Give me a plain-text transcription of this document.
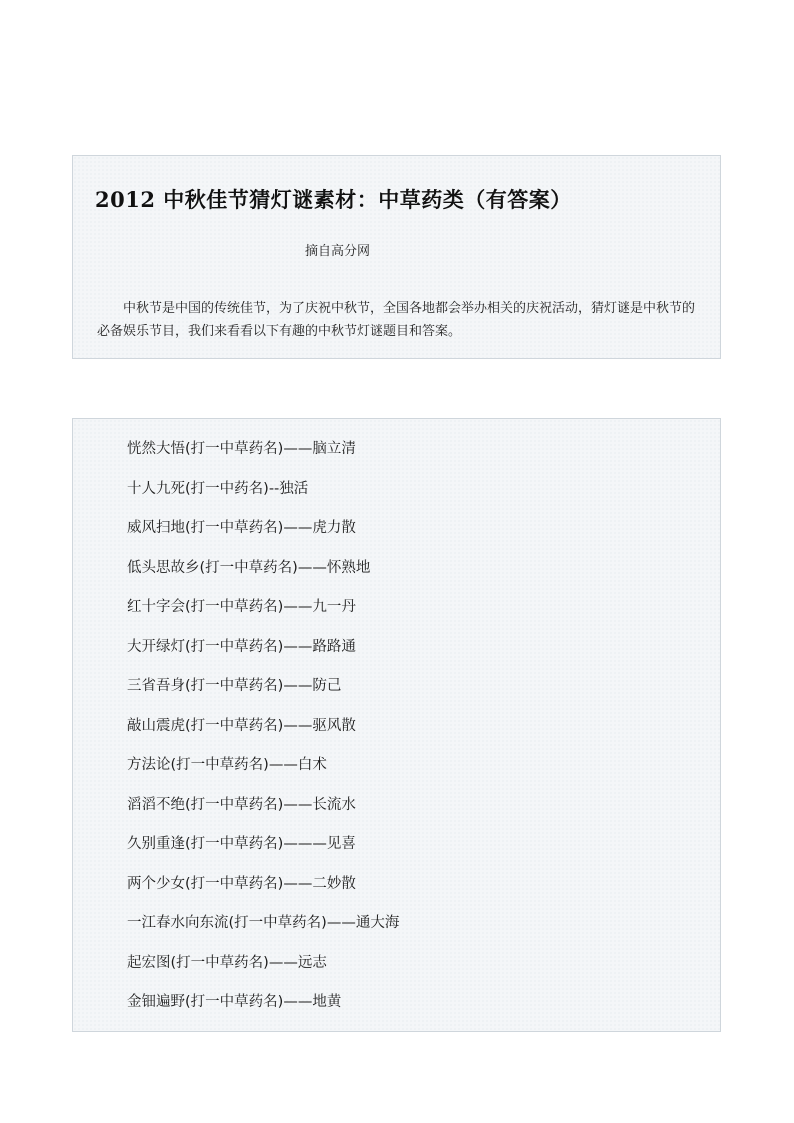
2012 中秋佳节猜灯谜素材：中草药类（有答案）
摘自高分网

中秋节是中国的传统佳节，为了庆祝中秋节，全国各地都会举办相关的庆祝活动，猜灯谜是中秋节的必备娱乐节目，我们来看看以下有趣的中秋节灯谜题目和答案。

恍然大悟(打一中草药名)——脑立清
十人九死(打一中药名)--独活
威风扫地(打一中草药名)——虎力散
低头思故乡(打一中草药名)——怀熟地
红十字会(打一中草药名)——九一丹
大开绿灯(打一中草药名)——路路通
三省吾身(打一中草药名)——防己
敲山震虎(打一中草药名)——驱风散
方法论(打一中草药名)——白术
滔滔不绝(打一中草药名)——长流水
久别重逢(打一中草药名)———见喜
两个少女(打一中草药名)——二妙散
一江春水向东流(打一中草药名)——通大海
起宏图(打一中草药名)——远志
金钿遍野(打一中草药名)——地黄
